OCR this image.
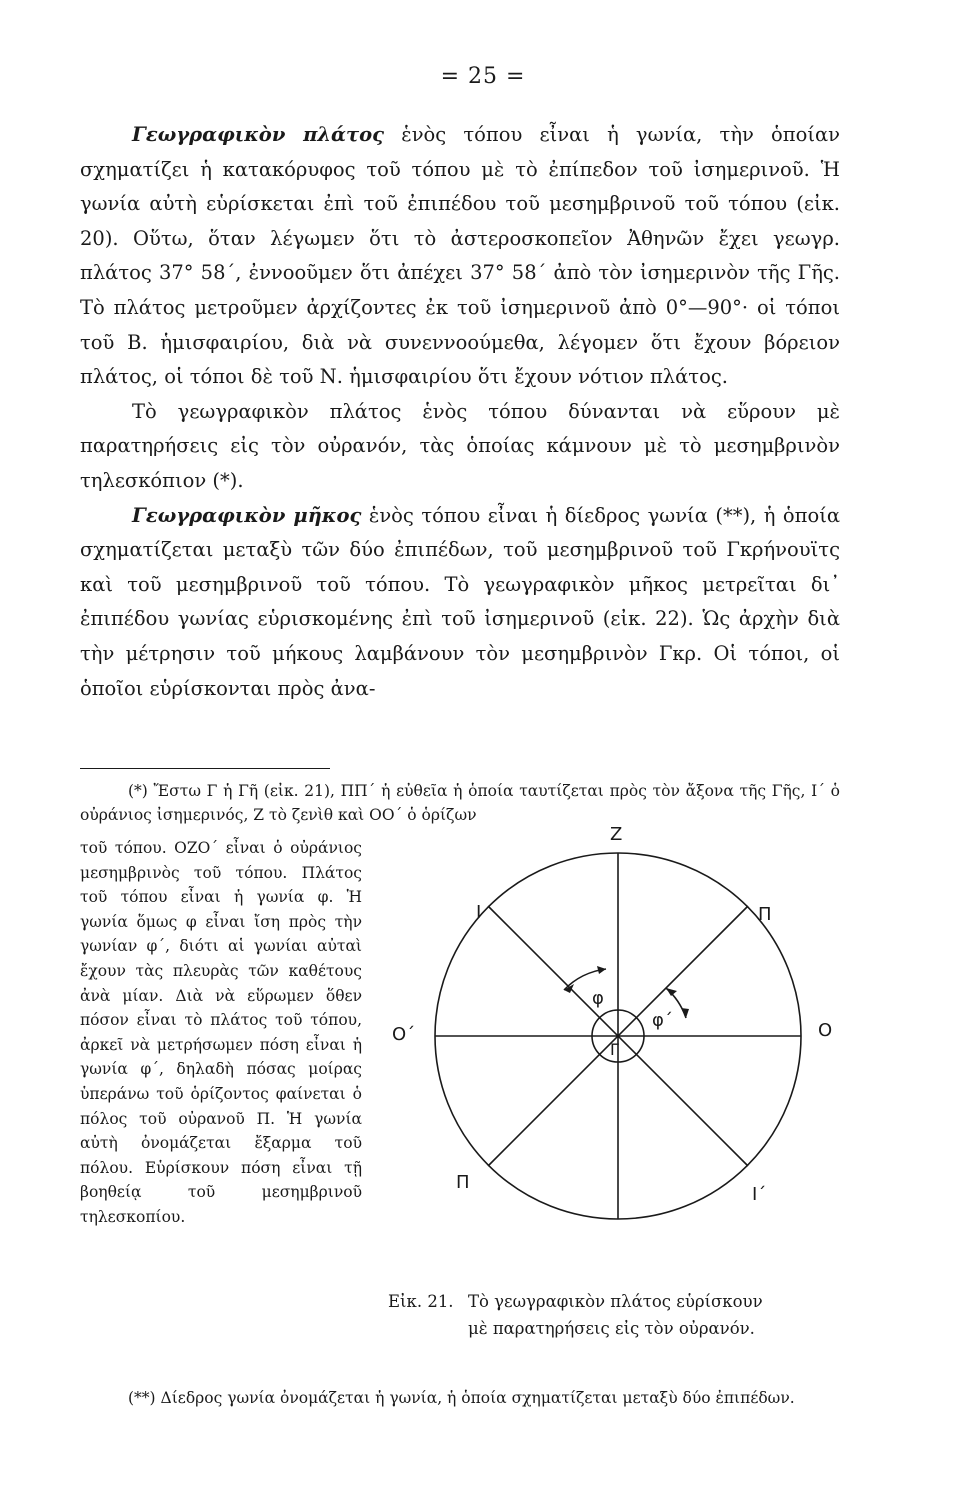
= 25 =

Γεωγραφικὸν πλάτος ἑνὸς τόπου εἶναι ἡ γωνία, τὴν ὁποίαν σχηματίζει ἡ κατακόρυφος τοῦ τόπου μὲ τὸ ἐπίπεδον τοῦ ἰσημερινοῦ. Ἡ γωνία αὐτὴ εὑρίσκεται ἐπὶ τοῦ ἐπιπέδου τοῦ μεσημβρινοῦ τοῦ τόπου (εἰκ. 20). Οὕτω, ὅταν λέγωμεν ὅτι τὸ ἀστεροσκοπεῖον Ἀθηνῶν ἔχει γεωγρ. πλάτος 37° 58΄, ἐννοοῦμεν ὅτι ἀπέχει 37° 58΄ ἀπὸ τὸν ἰσημερινὸν τῆς Γῆς. Τὸ πλάτος μετροῦμεν ἀρχίζοντες ἐκ τοῦ ἰσημερινοῦ ἀπὸ 0°—90°· οἱ τόποι τοῦ Β. ἡμισφαιρίου, διὰ νὰ συνεννοούμεθα, λέγομεν ὅτι ἔχουν βόρειον πλάτος, οἱ τόποι δὲ τοῦ Ν. ἡμισφαιρίου ὅτι ἔχουν νότιον πλάτος.

Τὸ γεωγραφικὸν πλάτος ἑνὸς τόπου δύνανται νὰ εὕρουν μὲ παρατηρήσεις εἰς τὸν οὐρανόν, τὰς ὁποίας κάμνουν μὲ τὸ μεσημβρινὸν τηλεσκόπιον (*).

Γεωγραφικὸν μῆκος ἑνὸς τόπου εἶναι ἡ δίεδρος γωνία (**), ἡ ὁποία σχηματίζεται μεταξὺ τῶν δύο ἐπιπέδων, τοῦ μεσημβρινοῦ τοῦ Γκρήνουϊτς καὶ τοῦ μεσημβρινοῦ τοῦ τόπου. Τὸ γεωγραφικὸν μῆκος μετρεῖται δι᾽ ἐπιπέδου γωνίας εὑρισκομένης ἐπὶ τοῦ ἰσημερινοῦ (εἰκ. 22). Ὡς ἀρχὴν διὰ τὴν μέτρησιν τοῦ μήκους λαμβάνουν τὸν μεσημβρινὸν Γκρ. Οἱ τόποι, οἱ ὁποῖοι εὑρίσκονται πρὸς ἀνα-

(*) Ἔστω Γ ἡ Γῆ (εἰκ. 21), ΠΠ΄ ἡ εὐθεῖα ἡ ὁποία ταυτίζεται πρὸς τὸν ἄξονα τῆς Γῆς, Ι΄ ὁ οὐράνιος ἰσημερινός, Ζ τὸ ζενὶθ καὶ ΟΟ΄ ὁ ὁρίζων

τοῦ τόπου. ΟΖΟ΄ εἶναι ὁ οὐράνιος μεσημβρινὸς τοῦ τόπου. Πλάτος τοῦ τόπου εἶναι ἡ γωνία φ. Ἡ γωνία ὅμως φ εἶναι ἴση πρὸς τὴν γωνίαν φ΄, διότι αἱ γωνίαι αὐταὶ ἔχουν τὰς πλευρὰς τῶν καθέτους ἀνὰ μίαν. Διὰ νὰ εὕρωμεν ὅθεν πόσον εἶναι τὸ πλάτος τοῦ τόπου, ἀρκεῖ νὰ μετρήσωμεν πόση εἶναι ἡ γωνία φ΄, δηλαδὴ πόσας μοίρας ὑπεράνω τοῦ ὁρίζοντος φαίνεται ὁ πόλος τοῦ οὐρανοῦ Π. Ἡ γωνία αὐτὴ ὀνομάζεται ἔξαρμα τοῦ πόλου. Εὑρίσκουν πόση εἶναι τῇ βοηθείᾳ τοῦ μεσημβρινοῦ τηλεσκοπίου.

Z
I	Π
O΄	O
Π
I΄
Γ
φ
φ΄
Εἰκ. 21. Τὸ γεωγραφικὸν πλάτος εὑρίσκουν
μὲ παρατηρήσεις εἰς τὸν οὐρανόν.

(**) Δίεδρος γωνία ὀνομάζεται ἡ γωνία, ἡ ὁποία σχηματίζεται μεταξὺ δύο ἐπιπέδων.
